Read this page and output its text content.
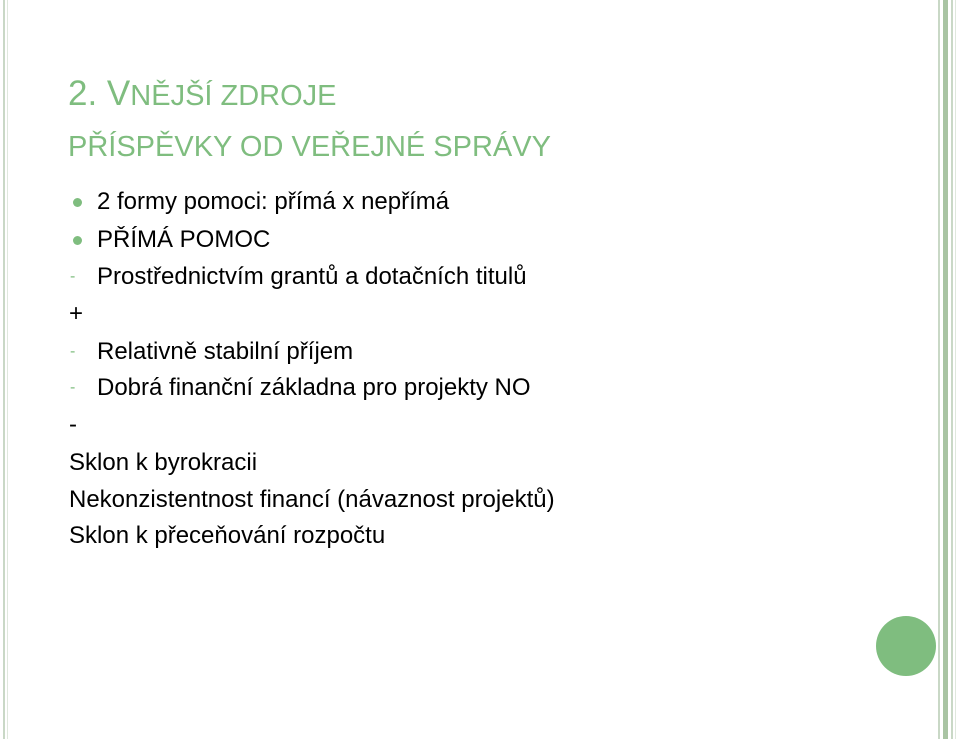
2. VNĚJŠÍ ZDROJE
PŘÍSPĚVKY OD VEŘEJNÉ SPRÁVY
2 formy pomoci: přímá x nepřímá
PŘÍMÁ POMOC
- Prostřednictvím grantů a dotačních titulů
+
- Relativně stabilní příjem
- Dobrá finanční základna pro projekty NO
-
Sklon k byrokracii
Nekonzistentnost financí (návaznost projektů)
Sklon k přeceňování rozpočtu
